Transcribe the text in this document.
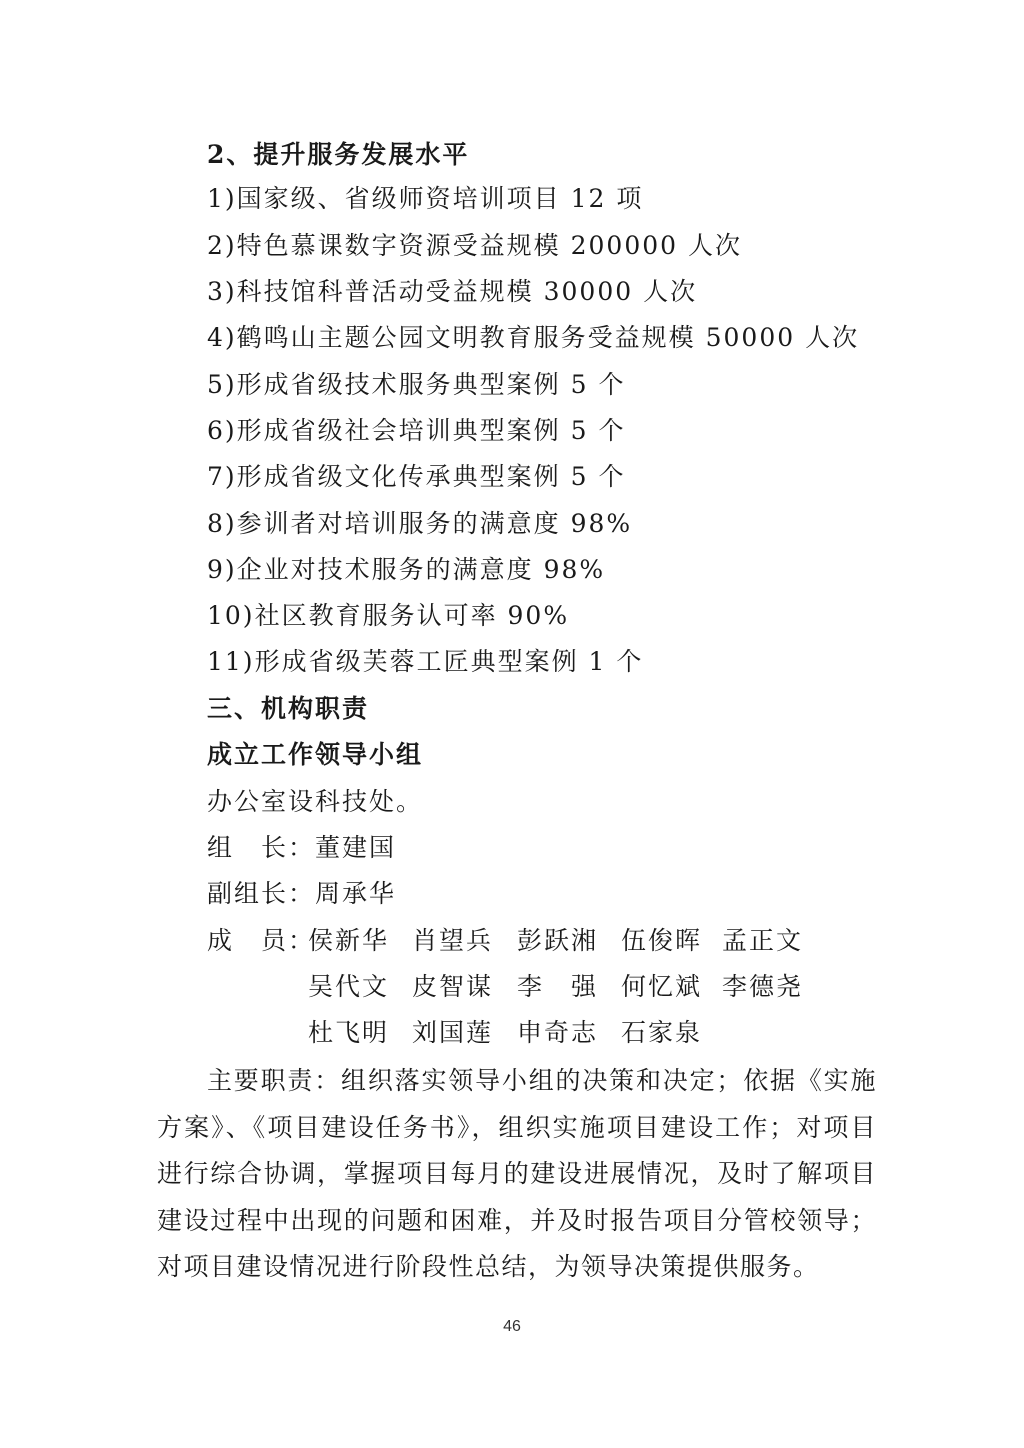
2、提升服务发展水平
1)国家级、省级师资培训项目 12 项
2)特色慕课数字资源受益规模 200000 人次
3)科技馆科普活动受益规模 30000 人次
4)鹤鸣山主题公园文明教育服务受益规模 50000 人次
5)形成省级技术服务典型案例 5 个
6)形成省级社会培训典型案例 5 个
7)形成省级文化传承典型案例 5 个
8)参训者对培训服务的满意度 98%
9)企业对技术服务的满意度 98%
10)社区教育服务认可率 90%
11)形成省级芙蓉工匠典型案例 1 个
三、机构职责
成立工作领导小组
办公室设科技处。
组　长：董建国
副组长：周承华
成　员：
侯新华 肖望兵 彭跃湘 伍俊晖 孟正文
吴代文 皮智谋 李　强 何忆斌 李德尧
杜飞明 刘国莲 申奇志 石家泉
主要职责：组织落实领导小组的决策和决定；依据《实施方案》、《项目建设任务书》，组织实施项目建设工作；对项目进行综合协调，掌握项目每月的建设进展情况，及时了解项目建设过程中出现的问题和困难，并及时报告项目分管校领导；对项目建设情况进行阶段性总结，为领导决策提供服务。
46
